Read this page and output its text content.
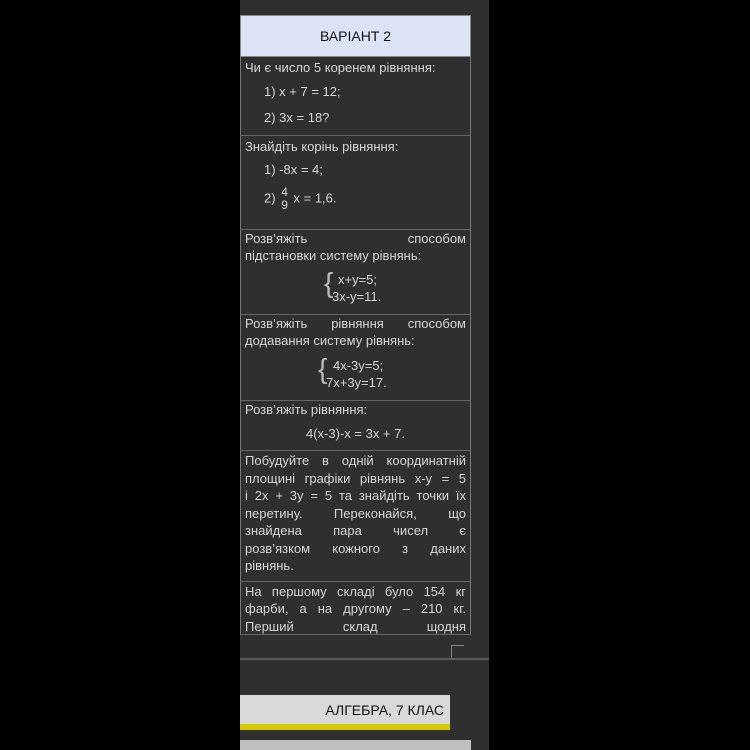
ВАРІАНТ 2
Чи є число 5 коренем рівняння:
1) x + 7 = 12;
2) 3x = 18?
Знайдіть корінь рівняння:
1) -8x = 4;
2) 4
9 x = 1,6.
Розв’яжіть способом
підстановки систему рівнянь:
{ x+y=5;
3x-y=11.
Розв’яжіть рівняння способом
додавання систему рівнянь:
{ 4x-3y=5;
7x+3y=17.
Розв’яжіть рівняння:
4(x-3)-x = 3x + 7.
Побудуйте в одній координатній
площині графіки рівнянь x-y = 5
і 2x + 3y = 5 та знайдіть точки їх
перетину. Переконайся, що
знайдена пара чисел є
розв’язком кожного з даних
рівнянь.
На першому складі було 154 кг
фарби, а на другому – 210 кг.
Перший склад щодня
АЛГЕБРА, 7 КЛАС
